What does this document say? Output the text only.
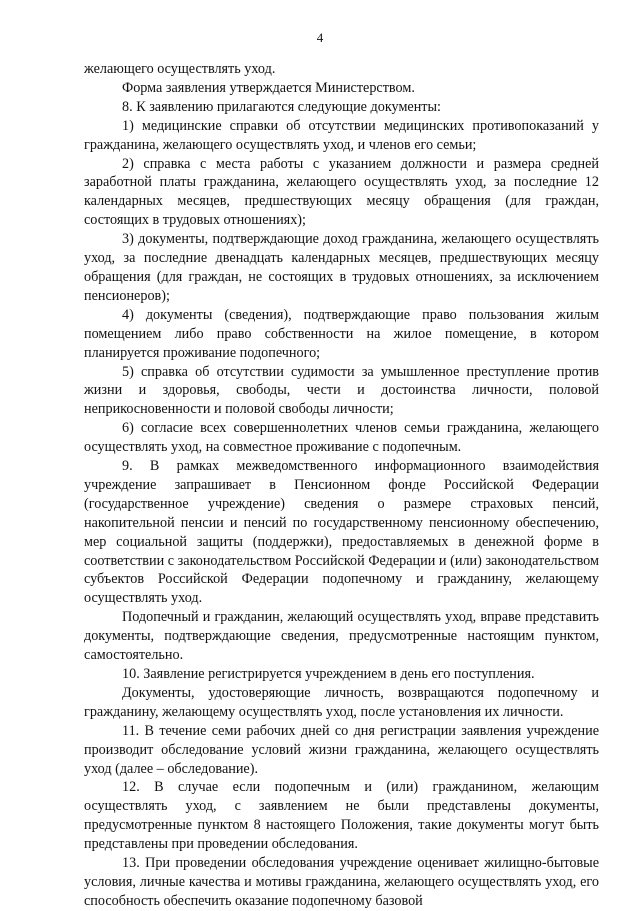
4

желающего осуществлять уход.

Форма заявления утверждается Министерством.

8. К заявлению прилагаются следующие документы:

1) медицинские справки об отсутствии медицинских противопоказаний у гражданина, желающего осуществлять уход, и членов его семьи;

2) справка с места работы с указанием должности и размера средней заработной платы гражданина, желающего осуществлять уход, за последние 12 календарных месяцев, предшествующих месяцу обращения (для граждан, состоящих в трудовых отношениях);

3) документы, подтверждающие доход гражданина, желающего осуществлять уход, за последние двенадцать календарных месяцев, предшествующих месяцу обращения (для граждан, не состоящих в трудовых отношениях, за исключением пенсионеров);

4) документы (сведения), подтверждающие право пользования жилым помещением либо право собственности на жилое помещение, в котором планируется проживание подопечного;

5) справка об отсутствии судимости за умышленное преступление против жизни и здоровья, свободы, чести и достоинства личности, половой неприкосновенности и половой свободы личности;

6) согласие всех совершеннолетних членов семьи гражданина, желающего осуществлять уход, на совместное проживание с подопечным.

9. В рамках межведомственного информационного взаимодействия учреждение запрашивает в Пенсионном фонде Российской Федерации (государственное учреждение) сведения о размере страховых пенсий, накопительной пенсии и пенсий по государственному пенсионному обеспечению, мер социальной защиты (поддержки), предоставляемых в денежной форме в соответствии с законодательством Российской Федерации и (или) законодательством субъектов Российской Федерации подопечному и гражданину, желающему осуществлять уход.

Подопечный и гражданин, желающий осуществлять уход, вправе представить документы, подтверждающие сведения, предусмотренные настоящим пунктом, самостоятельно.

10. Заявление регистрируется учреждением в день его поступления.

Документы, удостоверяющие личность, возвращаются подопечному и гражданину, желающему осуществлять уход, после установления их личности.

11. В течение семи рабочих дней со дня регистрации заявления учреждение производит обследование условий жизни гражданина, желающего осуществлять уход (далее – обследование).

12. В случае если подопечным и (или) гражданином, желающим осуществлять уход, с заявлением не были представлены документы, предусмотренные пунктом 8 настоящего Положения, такие документы могут быть представлены при проведении обследования.

13. При проведении обследования учреждение оценивает жилищно-бытовые условия, личные качества и мотивы гражданина, желающего осуществлять уход, его способность обеспечить оказание подопечному базовой
